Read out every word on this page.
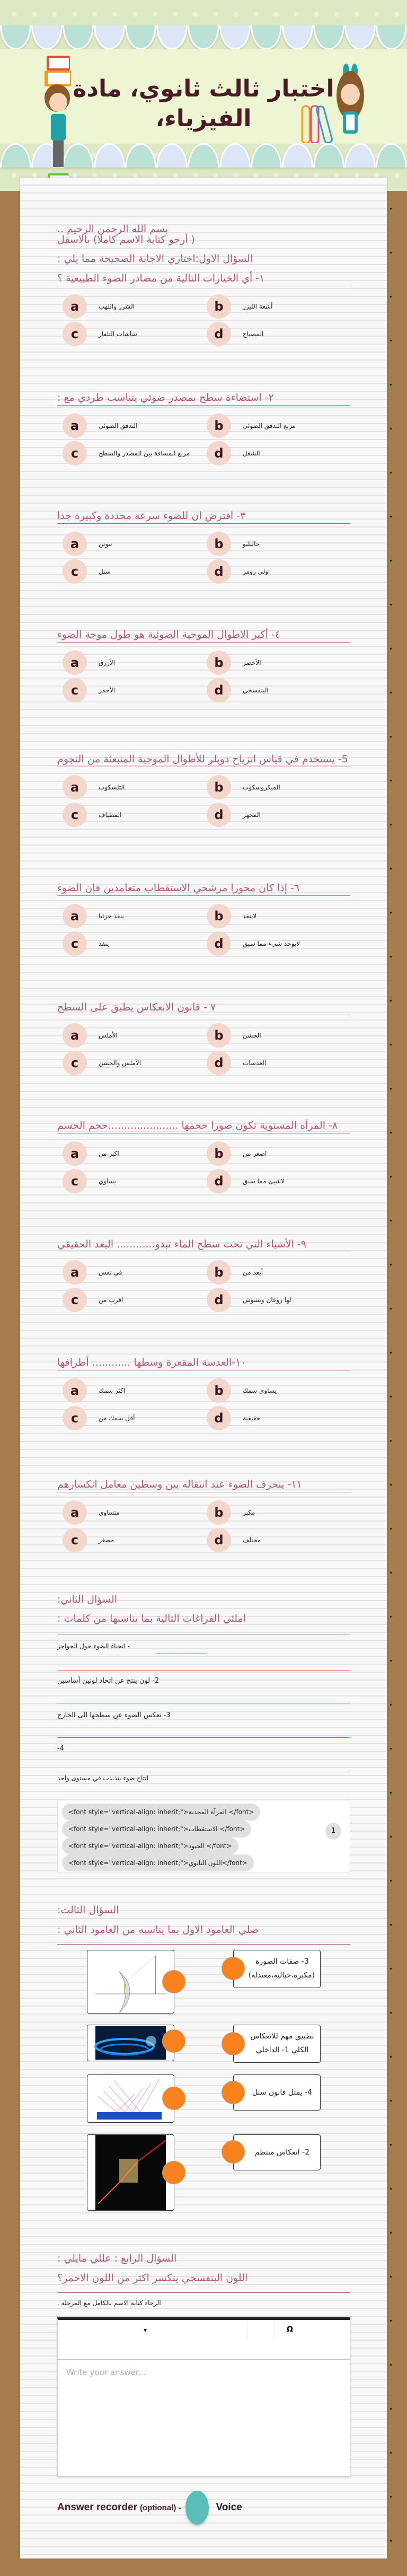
اختبار ثالث ثانوي، مادة الفيزياء،
بسم الله الرحمن الرحيم ..
( أرجو كتابة الاسم كاملا) بالاسفل
السؤال الاول:اختاري الاجابة الصحيحة مما يلي :
١- أي الخيارات التالية من مصادر الضوء الطبيعية ؟
a	الشرر واللهب	b	أشعة الليزر
c	شاشات التلفاز	d	المصباح
٢- استضاءة سطح بمصدر ضوئي يتناسب طردي مع :
a	التدفق الضوئي	b	مربع التدفق الضوئي
c	مربع المسافة بين المصدر والسطح	d	الشغل
٣- افترض ان للضوء سرعة محددة وكبيرة جدا
a	نيوتن	b	جاليليو
c	سنل	d	اولي رومر
٤- أكبر الاطوال الموجية الضوئية هو طول موجة الضوء
a	الأزرق	b	الأخضر
c	الأحمر	d	البنفسجي
5- يستخدم في قياس انزياح دوبلر للأطوال الموجية المنبعثة من النجوم
a	التلسكوب	b	الميكروسكوب
c	المطياف	d	المجهر
٦- إذا كان محورا مرشحي الاستقطاب متعامدين فإن الضوء
a	ينفذ جزئيا	b	لاينفذ
c	ينفذ	d	لايوجد شيء مما سبق
٧ - قانون الانعكاس يطبق على السطح
a	الأملس	b	الخشن
c	الأملس والخشن	d	العدسات
٨- المرآه المستوية تكون صورا حجمها ......................حجم الجسم
a	اكبر من	b	اصغر من
c	يساوي	d	لاشيئ مما سبق
٩- الأشياء التي تحت سطح الماء تبدو............ البعد الحقيقي
a	في نفس	b	أبعد من
c	اقرب من	d	لها زوغان وتشوش
١٠-العدسة المقعرة وسطها ............ أطرافها
a	اكثر سمك	b	يساوي سمك
c	أقل سمك من	d	حقيقية
١١- ينحرف الضوء عند انتقاله بين وسطين معامل انكسارهم
a	متساوي	b	مكبر
c	مصغر	d	مختلف
السؤال الثاني:
املئي الفراغات التالية بما يناسبها من كلمات :
- انحناء الضوء حول الحواجز
2- لون ينتج عن اتحاد لونين أساسين
3- تعكس الضوء عن سطحها الى الخارج
-4
انتاج ضوء يتذبذب في مستوى واحد
<font style="vertical-align: inherit;">المرآة المحدبة </font>
<font style="vertical-align: inherit;">الاستقطاب </font>
<font style="vertical-align: inherit;">الحيود </font>
<font style="vertical-align: inherit;">اللون الثانوي</font>
1
السؤال الثالث:
صلي العامود الاول بما يناسبه من العامود الثاني :
3- صفات الصورة (مكبرة،خيالية،معتدلة)
تطبيق مهم للانعكاس الكلي 1- الداخلي
4- يمثل قانون سنل
2- انعكاس منتظم
السؤال الرابع : عللي مايلي :
اللون البنفسجي ينكسر اكثر من اللون الاحمر؟
الرجاء كتابة الاسم بالكامل مع المرحلة .
▾	Ω
Write your answer...
Answer recorder (optional) -	Voice
